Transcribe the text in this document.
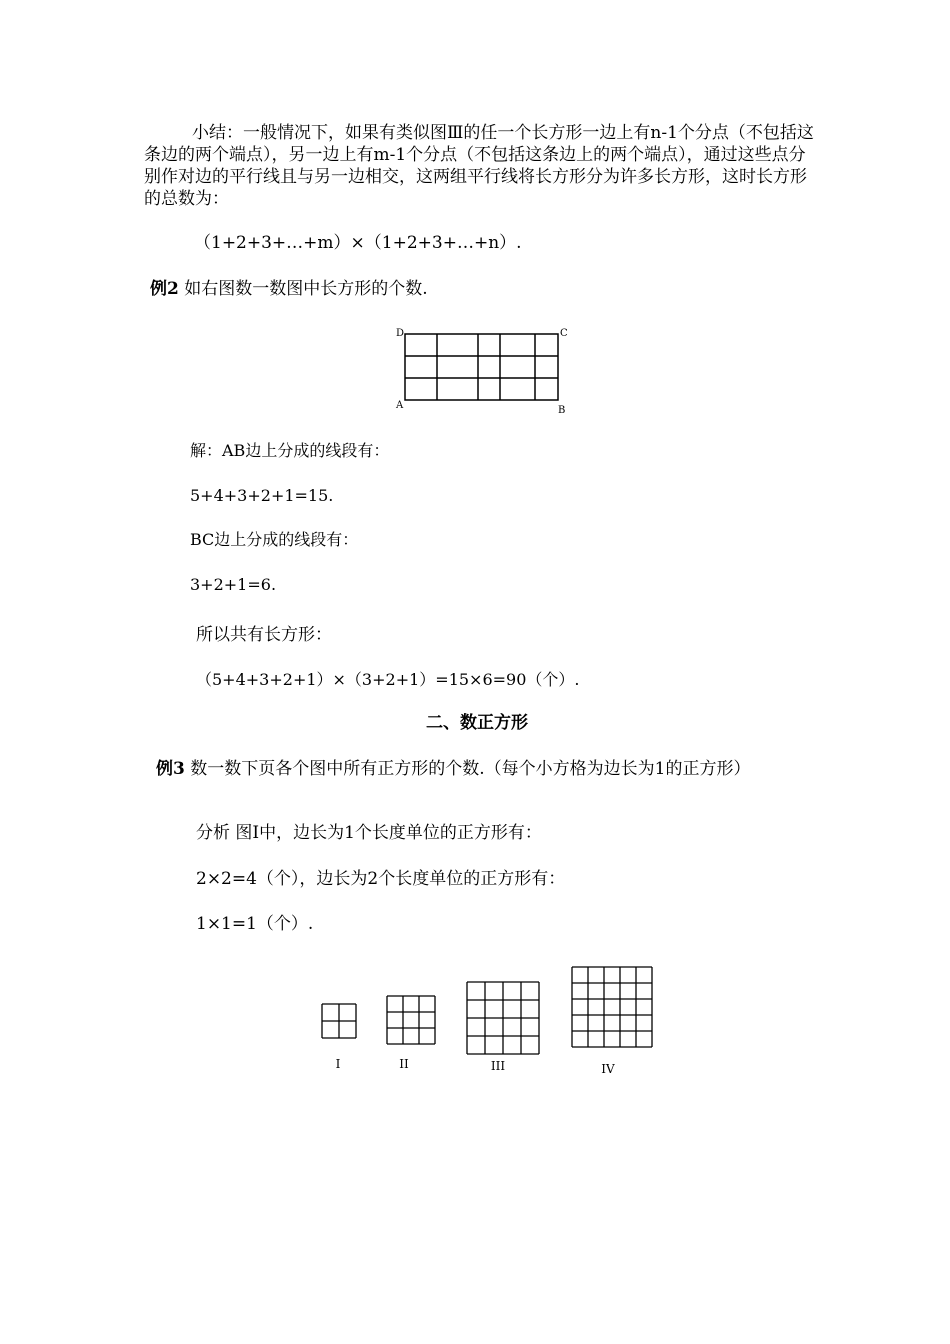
小结：一般情况下，如果有类似图Ⅲ的任一个长方形一边上有n-1个分点（不包括这条边的两个端点），另一边上有m-1个分点（不包括这条边上的两个端点），通过这些点分别作对边的平行线且与另一边相交，这两组平行线将长方形分为许多长方形，这时长方形的总数为：
（1+2+3+…+m）×（1+2+3+…+n）.
例2 如右图数一数图中长方形的个数.
D	C
A	B
解：AB边上分成的线段有：
5+4+3+2+1=15.
BC边上分成的线段有：
3+2+1=6.
所以共有长方形：
（5+4+3+2+1）×（3+2+1）=15×6=90（个）.
二、数正方形
例3 数一数下页各个图中所有正方形的个数.（每个小方格为边长为1的正方形）
分析 图Ⅰ中，边长为1个长度单位的正方形有：
2×2=4（个），边长为2个长度单位的正方形有：
1×1=1（个）.
I	II	III	IV
